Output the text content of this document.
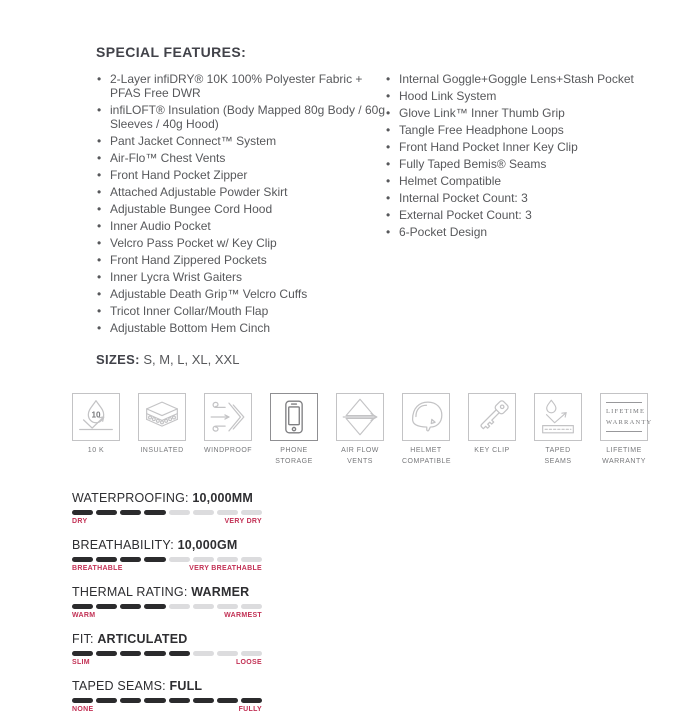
SPECIAL FEATURES:
• 2-Layer infiDRY® 10K 100% Polyester Fabric + PFAS Free DWR
• infiLOFT® Insulation (Body Mapped 80g Body / 60g Sleeves / 40g Hood)
• Pant Jacket Connect™ System
• Air-Flo™ Chest Vents
• Front Hand Pocket Zipper
• Attached Adjustable Powder Skirt
• Adjustable Bungee Cord Hood
• Inner Audio Pocket
• Velcro Pass Pocket w/ Key Clip
• Front Hand Zippered Pockets
• Inner Lycra Wrist Gaiters
• Adjustable Death Grip™ Velcro Cuffs
• Tricot Inner Collar/Mouth Flap
• Adjustable Bottom Hem Cinch
• Internal Goggle+Goggle Lens+Stash Pocket
• Hood Link System
• Glove Link™ Inner Thumb Grip
• Tangle Free Headphone Loops
• Front Hand Pocket Inner Key Clip
• Fully Taped Bemis® Seams
• Helmet Compatible
• Internal Pocket Count: 3
• External Pocket Count: 3
• 6-Pocket Design
SIZES: S, M, L, XL, XXL
10
10 K	INSULATED	WINDPROOF	PHONE STORAGE
AIR FLOW VENTS
HELMET COMPATIBLE
KEY CLIP	TAPED SEAMS
LIFETIME
WARRANTY
LIFETIME WARRANTY
WATERPROOFING: 10,000MM
DRY	VERY DRY
BREATHABILITY: 10,000GM
BREATHABLE	VERY BREATHABLE
THERMAL RATING: WARMER
WARM	WARMEST
FIT: ARTICULATED
SLIM	LOOSE
TAPED SEAMS: FULL
NONE	FULLY
